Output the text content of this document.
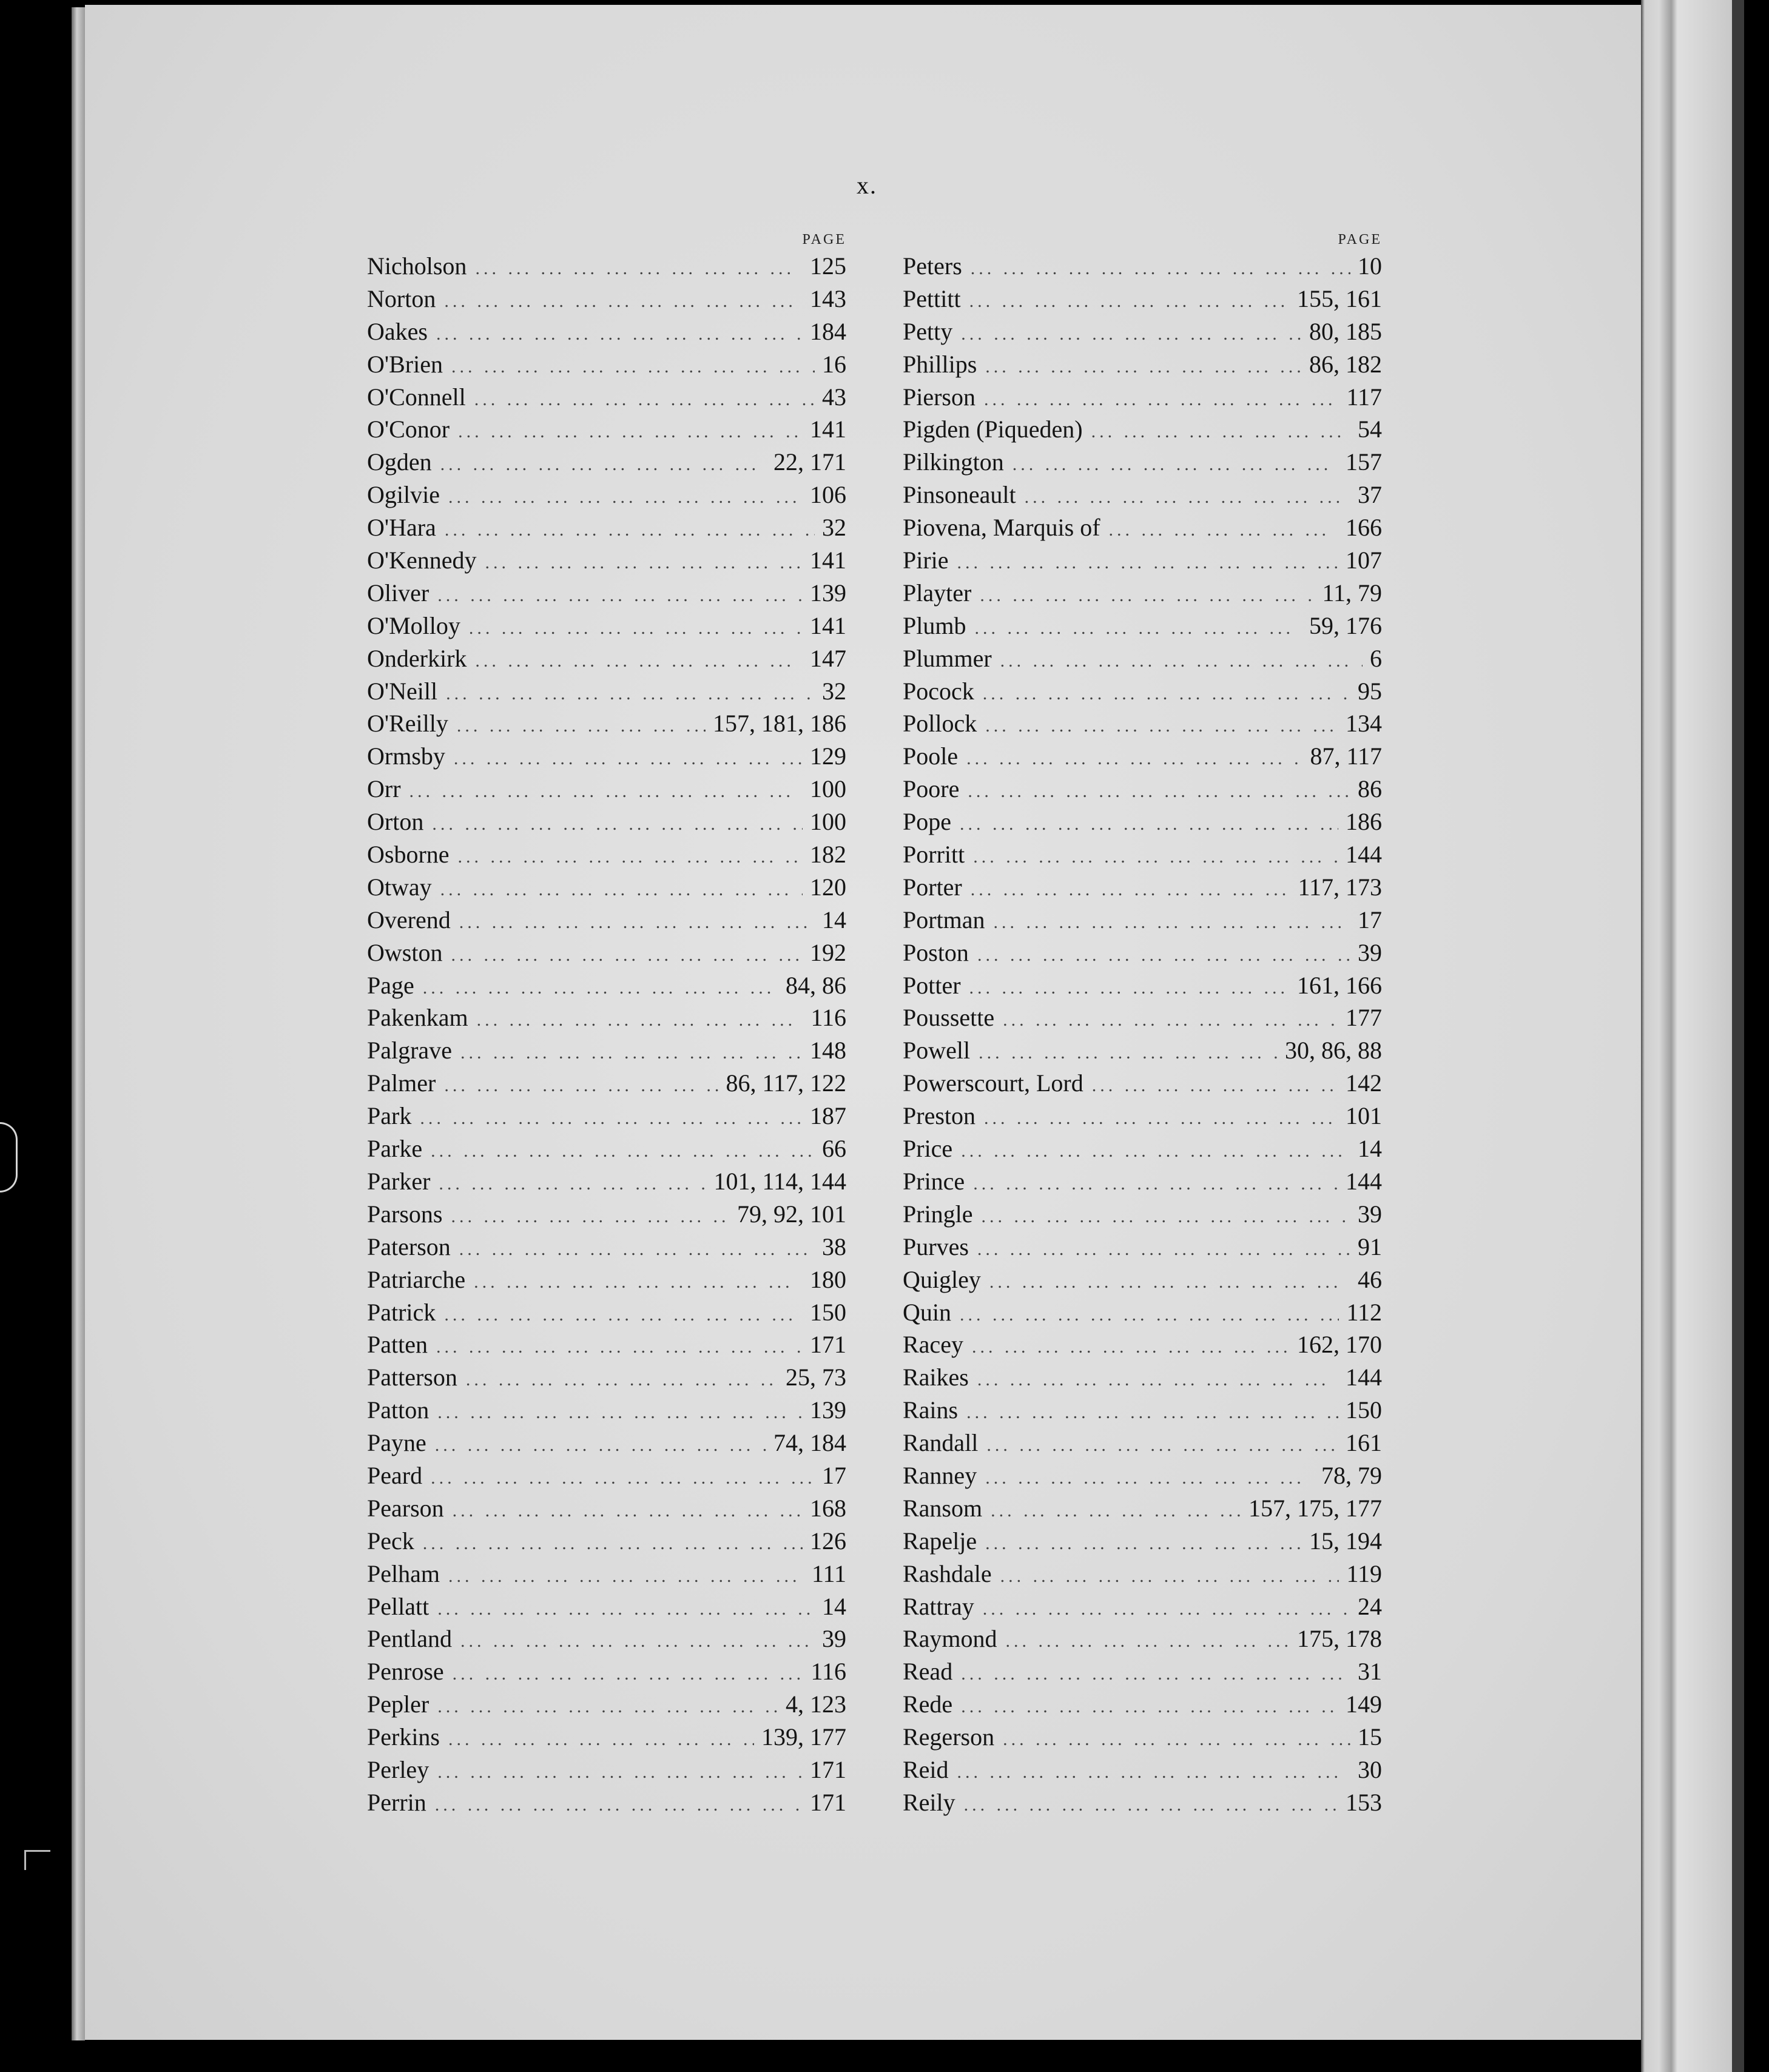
x.
PAGE
Nicholson ... .	125
Norton ... .	143
Oakes ... .	184
O'Brien ... .	16
O'Connell ... .	43
O'Conor ... .	141
Ogden ... .	22, 171
Ogilvie ... .	106
O'Hara ... .	32
O'Kennedy ... .	141
Oliver ... .	139
O'Molloy ... .	141
Onderkirk ... .	147
O'Neill ... .	32
O'Reilly ... .	157, 181, 186
Ormsby ... .	129
Orr ... .	100
Orton ... .	100
Osborne ... .	182
Otway ... .	120
Overend ... .	14
Owston ... .	192
Page ... .	84, 86
Pakenkam ... .	116
Palgrave ... .	148
Palmer ... .	86, 117, 122
Park ... .	187
Parke ... .	66
Parker ... .	101, 114, 144
Parsons ... .	79, 92, 101
Paterson ... .	38
Patriarche ... .	180
Patrick ... .	150
Patten ... .	171
Patterson ... .	25, 73
Patton ... .	139
Payne ... .	74, 184
Peard ... .	17
Pearson ... .	168
Peck ... .	126
Pelham ... .	111
Pellatt ... .	14
Pentland ... .	39
Penrose ... .	116
Pepler ... .	4, 123
Perkins ... .	139, 177
Perley ... .	171
Perrin ... .	171
PAGE
Peters ... .	10
Pettitt ... .	155, 161
Petty ... .	80, 185
Phillips ... .	86, 182
Pierson ... .	117
Pigden (Piqueden) ... .	54
Pilkington ... .	157
Pinsoneault ... .	37
Piovena, Marquis of ... .	166
Pirie ... .	107
Playter ... .	11, 79
Plumb ... .	59, 176
Plummer ... .	6
Pocock ... .	95
Pollock ... .	134
Poole ... .	87, 117
Poore ... .	86
Pope ... .	186
Porritt ... .	144
Porter ... .	117, 173
Portman ... .	17
Poston ... .	39
Potter ... .	161, 166
Poussette ... .	177
Powell ... .	30, 86, 88
Powerscourt, Lord ... .	142
Preston ... .	101
Price ... .	14
Prince ... .	144
Pringle ... .	39
Purves ... .	91
Quigley ... .	46
Quin ... .	112
Racey ... .	162, 170
Raikes ... .	144
Rains ... .	150
Randall ... .	161
Ranney ... .	78, 79
Ransom ... .	157, 175, 177
Rapelje ... .	15, 194
Rashdale ... .	119
Rattray ... .	24
Raymond ... .	175, 178
Read ... .	31
Rede ... .	149
Regerson ... .	15
Reid ... .	30
Reily ... .	153
